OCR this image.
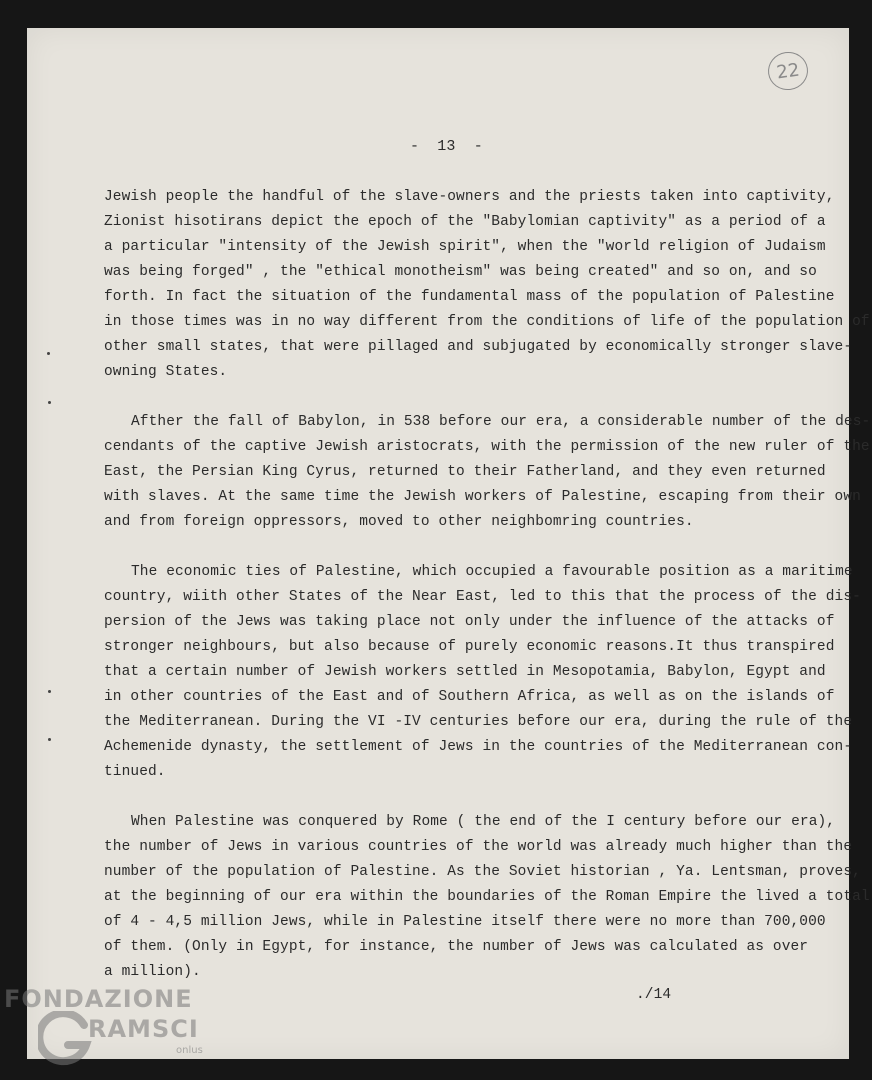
22
-  13  -
Jewish people the handful of the slave-owners and the priests taken into captivity,
Zionist hisotirans depict the epoch of the "Babylomian captivity" as a period of a
a particular "intensity of the Jewish spirit", when the "world religion of Judaism
was being forged" , the "ethical monotheism" was being created" and so on, and so
forth. In fact the situation of the fundamental mass of the population of Palestine
in those times was in no way different from the conditions of life of the population of
other small states, that were pillaged and subjugated by economically stronger slave-
owning States.
Afther the fall of Babylon, in 538 before our era, a considerable number of the des-
cendants of the captive Jewish aristocrats, with the permission of the new ruler of the
East, the Persian King Cyrus, returned to their Fatherland, and they even returned
with slaves. At the same time the Jewish workers of Palestine, escaping from their own
and from foreign oppressors, moved to other neighbomring countries.
The economic ties of Palestine, which occupied a favourable position as a maritime
country, wiith other States of the Near East, led to this that the process of the dis-
persion of the Jews was taking place not only under the influence of the attacks of
stronger neighbours, but also because of purely economic reasons.It thus transpired
that a certain number of Jewish workers settled in Mesopotamia, Babylon, Egypt and
in other countries of the East and of Southern Africa, as well as on the islands of
the Mediterranean. During the VI -IV centuries before our era, during the rule of the
Achemenide dynasty, the settlement of Jews in the countries of the Mediterranean con-
tinued.
When Palestine was conquered by Rome ( the end of the I century before our era),
the number of Jews in various countries of the world was already much higher than the
number of the population of Palestine. As the Soviet historian , Ya. Lentsman, proves,
at the beginning of our era within the boundaries of the Roman Empire the lived a total
of 4 - 4,5 million Jews, while in Palestine itself there were no more than 700,000
of them. (Only in Egypt, for instance, the number of Jews was calculated as over
a million).
./14
FONDAZIONE
RAMSCI
onlus
